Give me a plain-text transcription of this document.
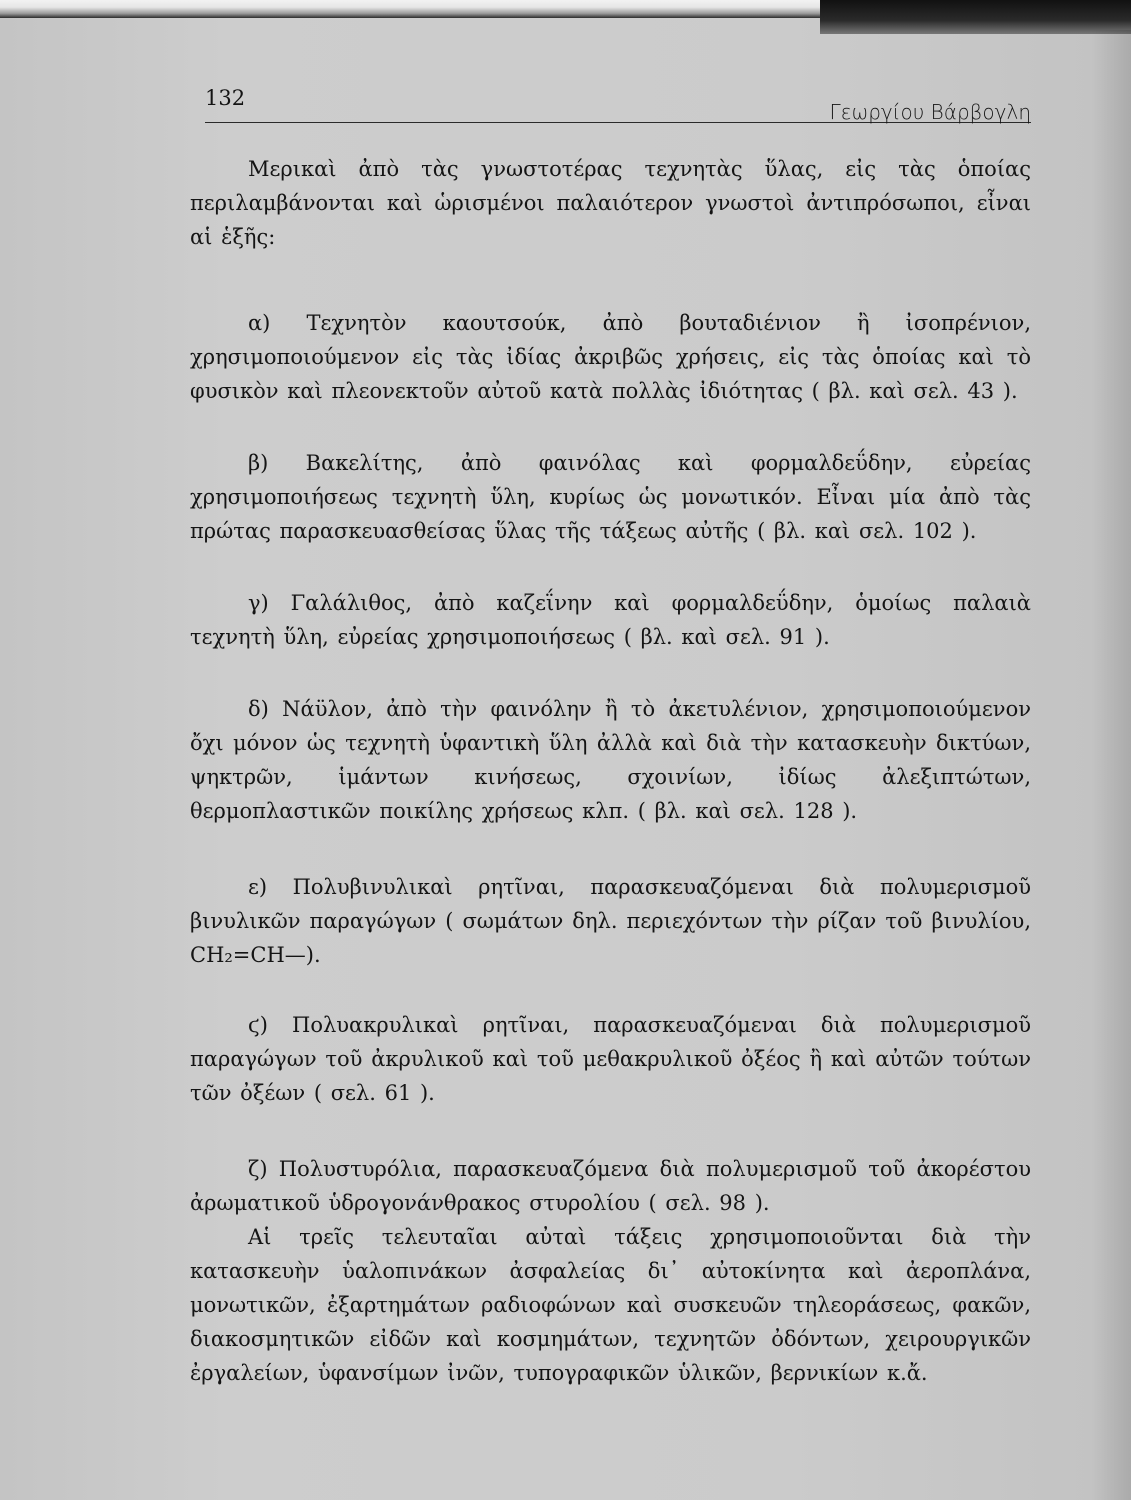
132
Γεωργίου Βάρβογλη

Μερικαὶ ἀπὸ τὰς γνωστοτέρας τεχνητὰς ὕλας, εἰς τὰς ὁποίας περιλαμβάνονται καὶ ὡρισμένοι παλαιότερον γνωστοὶ ἀντιπρόσωποι, εἶναι αἱ ἑξῆς:

α) Τεχνητὸν καουτσούκ, ἀπὸ βουταδιένιον ἢ ἰσοπρένιον, χρησιμοποιούμενον εἰς τὰς ἰδίας ἀκριβῶς χρήσεις, εἰς τὰς ὁποίας καὶ τὸ φυσικὸν καὶ πλεονεκτοῦν αὐτοῦ κατὰ πολλὰς ἰδιότητας ( βλ. καὶ σελ. 43 ).

β) Βακελίτης, ἀπὸ φαινόλας καὶ φορμαλδεΰδην, εὐρείας χρησιμοποιήσεως τεχνητὴ ὕλη, κυρίως ὡς μονωτικόν. Εἶναι μία ἀπὸ τὰς πρώτας παρασκευασθείσας ὕλας τῆς τάξεως αὐτῆς ( βλ. καὶ σελ. 102 ).

γ) Γαλάλιθος, ἀπὸ καζεΐνην καὶ φορμαλδεΰδην, ὁμοίως παλαιὰ τεχνητὴ ὕλη, εὐρείας χρησιμοποιήσεως ( βλ. καὶ σελ. 91 ).

δ) Νάϋλον, ἀπὸ τὴν φαινόλην ἢ τὸ ἀκετυλένιον, χρησιμοποιούμενον ὄχι μόνον ὡς τεχνητὴ ὑφαντικὴ ὕλη ἀλλὰ καὶ διὰ τὴν κατασκευὴν δικτύων, ψηκτρῶν, ἱμάντων κινήσεως, σχοινίων, ἰδίως ἀλεξιπτώτων, θερμοπλαστικῶν ποικίλης χρήσεως κλπ. ( βλ. καὶ σελ. 128 ).

ε) Πολυβινυλικαὶ ρητῖναι, παρασκευαζόμεναι διὰ πολυμερισμοῦ βινυλικῶν παραγώγων ( σωμάτων δηλ. περιεχόντων τὴν ρίζαν τοῦ βινυλίου, CH₂=CH—).

ϛ) Πολυακρυλικαὶ ρητῖναι, παρασκευαζόμεναι διὰ πολυμερισμοῦ παραγώγων τοῦ ἀκρυλικοῦ καὶ τοῦ μεθακρυλικοῦ ὀξέος ἢ καὶ αὐτῶν τούτων τῶν ὀξέων ( σελ. 61 ).

ζ) Πολυστυρόλια, παρασκευαζόμενα διὰ πολυμερισμοῦ τοῦ ἀκορέστου ἀρωματικοῦ ὑδρογονάνθρακος στυρολίου ( σελ. 98 ).

Αἱ τρεῖς τελευταῖαι αὐταὶ τάξεις χρησιμοποιοῦνται διὰ τὴν κατασκευὴν ὑαλοπινάκων ἀσφαλείας δι᾿ αὐτοκίνητα καὶ ἀεροπλάνα, μονωτικῶν, ἐξαρτημάτων ραδιοφώνων καὶ συσκευῶν τηλεοράσεως, φακῶν, διακοσμητικῶν εἰδῶν καὶ κοσμημάτων, τεχνητῶν ὀδόντων, χειρουργικῶν ἐργαλείων, ὑφανσίμων ἰνῶν, τυπογραφικῶν ὑλικῶν, βερνικίων κ.ἄ.
